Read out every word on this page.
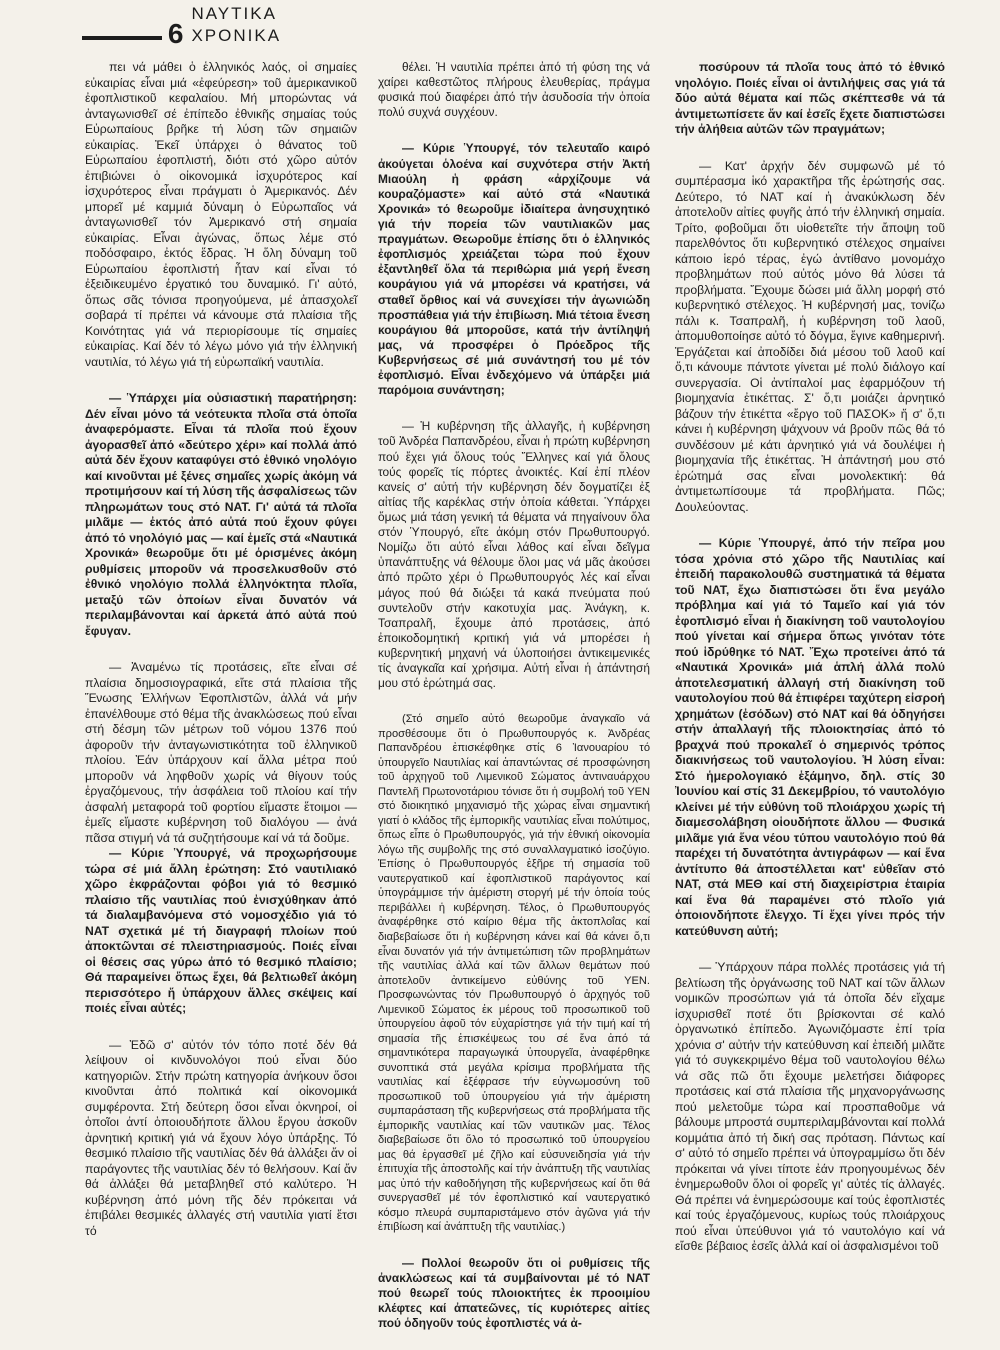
6
ΝΑΥΤΙΚΑ ΧΡΟΝΙΚΑ

πει νά μάθει ὁ ἑλληνικός λαός, οἱ σημαίες εὐκαιρίας εἶναι μιά «ἐφεύρεση» τοῦ ἀμερικανικοῦ ἐφοπλιστικοῦ κεφαλαίου. Μή μπορώντας νά ἀνταγωνισθεῖ σέ ἐπίπεδο ἐθνικῆς σημαίας τούς Εὐρωπαίους βρῆκε τή λύση τῶν σημαιῶν εὐκαιρίας. Ἐκεῖ ὑπάρχει ὁ θάνατος τοῦ Εὐρωπαίου ἐφοπλιστή, διότι στό χῶρο αὐτόν ἐπιβιώνει ὁ οἰκονομικά ἰσχυρότερος καί ἰσχυρότερος εἶναι πράγματι ὁ Ἀμερικανός. Δέν μπορεῖ μέ καμμιά δύναμη ὁ Εὐρωπαῖος νά ἀνταγωνισθεῖ τόν Ἀμερικανό στή σημαία εὐκαιρίας. Εἶναι ἀγώνας, ὅπως λέμε στό ποδόσφαιρο, ἐκτός ἕδρας. Ἡ ὅλη δύναμη τοῦ Εὐρωπαίου ἐφοπλιστή ἦταν καί εἶναι τό ἐξειδικευμένο ἐργατικό του δυναμικό. Γι' αὐτό, ὅπως σᾶς τόνισα προηγούμενα, μέ ἀπασχολεῖ σοβαρά τί πρέπει νά κάνουμε στά πλαίσια τῆς Κοινότητας γιά νά περιορίσουμε τίς σημαίες εὐκαιρίας. Καί δέν τό λέγω μόνο γιά τήν ἑλληνική ναυτιλία, τό λέγω γιά τή εὐρωπαϊκή ναυτιλία.

— Ὑπάρχει μία οὐσιαστική παρατήρηση: Δέν εἶναι μόνο τά νεότευκτα πλοῖα στά ὁποῖα ἀναφερόμαστε. Εἶναι τά πλοῖα πού ἔχουν ἀγορασθεῖ ἀπό «δεύτερο χέρι» καί πολλά ἀπό αὐτά δέν ἔχουν καταφύγει στό ἐθνικό νηολόγιο καί κινοῦνται μέ ξένες σημαῖες χωρίς ἀκόμη νά προτιμήσουν καί τή λύση τῆς ἀσφαλίσεως τῶν πληρωμάτων τους στό ΝΑΤ. Γι' αὐτά τά πλοῖα μιλᾶμε — ἐκτός ἀπό αὐτά πού ἔχουν φύγει ἀπό τό νηολόγιό μας — καί ἐμεῖς στά «Ναυτικά Χρονικά» θεωροῦμε ὅτι μέ ὁρισμένες ἀκόμη ρυθμίσεις μποροῦν νά προσελκυσθοῦν στό ἐθνικό νηολόγιο πολλά ἑλληνόκτητα πλοῖα, μεταξύ τῶν ὁποίων εἶναι δυνατόν νά περιλαμβάνονται καί ἀρκετά ἀπό αὐτά πού ἔφυγαν.

— Ἀναμένω τίς προτάσεις, εἴτε εἶναι σέ πλαίσια δημοσιογραφικά, εἴτε στά πλαίσια τῆς Ἕνωσης Ἑλλήνων Ἐφοπλιστῶν, ἀλλά νά μήν ἐπανέλθουμε στό θέμα τῆς ἀνακλώσεως πού εἶναι στή δέσμη τῶν μέτρων τοῦ νόμου 1376 πού ἀφοροῦν τήν ἀνταγωνιστικότητα τοῦ ἑλληνικοῦ πλοίου. Ἐάν ὑπάρχουν καί ἄλλα μέτρα πού μποροῦν νά ληφθοῦν χωρίς νά θίγουν τούς ἐργαζόμενους, τήν ἀσφάλεια τοῦ πλοίου καί τήν ἀσφαλή μεταφορά τοῦ φορτίου εἴμαστε ἕτοιμοι — ἐμεῖς εἴμαστε κυβέρνηση τοῦ διαλόγου — ἀνά πᾶσα στιγμή νά τά συζητήσουμε καί νά τά δοῦμε.

— Κύριε Ὑπουργέ, νά προχωρήσουμε τώρα σέ μιά ἄλλη ἐρώτηση: Στό ναυτιλιακό χῶρο ἐκφράζονται φόβοι γιά τό θεσμικό πλαίσιο τῆς ναυτιλίας πού ἐνισχύθηκαν ἀπό τά διαλαμβανόμενα στό νομοσχέδιο γιά τό ΝΑΤ σχετικά μέ τή διαγραφή πλοίων πού ἀποκτῶνται σέ πλειστηριασμούς. Ποιές εἶναι οἱ θέσεις σας γύρω ἀπό τό θεσμικό πλαίσιο; Θά παραμείνει ὅπως ἔχει, θά βελτιωθεῖ ἀκόμη περισσότερο ἤ ὑπάρχουν ἄλλες σκέψεις καί ποιές εἶναι αὐτές;

— Ἐδῶ σ' αὐτόν τόν τόπο ποτέ δέν θά λείψουν οἱ κινδυνολόγοι πού εἶναι δύο κατηγοριῶν. Στήν πρώτη κατηγορία ἀνήκουν ὅσοι κινοῦνται ἀπό πολιτικά καί οἰκονομικά συμφέροντα. Στή δεύτερη ὅσοι εἶναι ὀκνηροί, οἱ ὁποῖοι ἀντί ὁποιουδήποτε ἄλλου ἔργου ἀσκοῦν ἀρνητική κριτική γιά νά ἔχουν λόγο ὑπάρξης. Τό θεσμικό πλαίσιο τῆς ναυτιλίας δέν θά ἀλλάξει ἄν οἱ παράγοντες τῆς ναυτιλίας δέν τό θελήσουν. Καί ἄν θά ἀλλάξει θά μεταβληθεῖ στό καλύτερο. Ἡ κυβέρνηση ἀπό μόνη τῆς δέν πρόκειται νά ἐπιβάλει θεσμικές ἀλλαγές στή ναυτιλία γιατί ἔτσι τό

θέλει. Ἡ ναυτιλία πρέπει ἀπό τή φύση της νά χαίρει καθεστῶτος πλήρους ἐλευθερίας, πράγμα φυσικά πού διαφέρει ἀπό τήν ἀσυδοσία τήν ὁποία πολύ συχνά συγχέουν.

— Κύριε Ὑπουργέ, τόν τελευταῖο καιρό ἀκούγεται ὁλοένα καί συχνότερα στήν Ἀκτή Μιαούλη ἡ φράση «ἀρχίζουμε νά κουραζόμαστε» καί αὐτό στά «Ναυτικά Χρονικά» τό θεωροῦμε ἰδιαίτερα ἀνησυχητικό γιά τήν πορεία τῶν ναυτιλιακῶν μας πραγμάτων. Θεωροῦμε ἐπίσης ὅτι ὁ ἑλληνικός ἐφοπλισμός χρειάζεται τώρα πού ἔχουν ἐξαντληθεῖ ὅλα τά περιθώρια μιά γερή ἔνεση κουράγιου γιά νά μπορέσει νά κρατήσει, νά σταθεῖ ὄρθιος καί νά συνεχίσει τήν ἀγωνιώδη προσπάθεια γιά τήν ἐπιβίωση. Μιά τέτοια ἔνεση κουράγιου θά μποροῦσε, κατά τήν ἀντίληψή μας, νά προσφέρει ὁ Πρόεδρος τῆς Κυβερνήσεως σέ μιά συνάντησή του μέ τόν ἐφοπλισμό. Εἶναι ἐνδεχόμενο νά ὑπάρξει μιά παρόμοια συνάντηση;

— Ἡ κυβέρνηση τῆς ἀλλαγῆς, ἡ κυβέρνηση τοῦ Ἀνδρέα Παπανδρέου, εἶναι ἡ πρώτη κυβέρνηση πού ἔχει γιά ὅλους τούς Ἕλληνες καί γιά ὅλους τούς φορεῖς τίς πόρτες ἀνοικτές. Καί ἐπί πλέον κανείς σ' αὐτή τήν κυβέρνηση δέν δογματίζει ἐξ αἰτίας τῆς καρέκλας στήν ὁποία κάθεται. Ὑπάρχει ὅμως μιά τάση γενική τά θέματα νά πηγαίνουν ὅλα στόν Ὑπουργό, εἴτε ἀκόμη στόν Πρωθυπουργό. Νομίζω ὅτι αὐτό εἶναι λάθος καί εἶναι δεῖγμα ὑπανάπτυξης νά θέλουμε ὅλοι μας νά μᾶς ἀκούσει ἀπό πρῶτο χέρι ὁ Πρωθυπουργός λές καί εἶναι μάγος πού θά διώξει τά κακά πνεύματα πού συντελοῦν στήν κακοτυχία μας. Ἀνάγκη, κ. Τσαπραλῆ, ἔχουμε ἀπό προτάσεις, ἀπό ἐποικοδομητική κριτική γιά νά μπορέσει ἡ κυβερνητική μηχανή νά ὑλοποιήσει ἀντικειμενικές τίς ἀναγκαῖα καί χρήσιμα. Αὐτή εἶναι ἡ ἀπάντησή μου στό ἐρώτημά σας.

(Στό σημεῖο αὐτό θεωροῦμε ἀναγκαῖο νά προσθέσουμε ὅτι ὁ Πρωθυπουργός κ. Ἀνδρέας Παπανδρέου ἐπισκέφθηκε στίς 6 Ἰανουαρίου τό ὑπουργεῖο Ναυτιλίας καί ἀπαντώντας σέ προσφώνηση τοῦ ἀρχηγοῦ τοῦ Λιμενικοῦ Σώματος ἀντιναυάρχου Παντελῆ Πρωτονοτάριου τόνισε ὅτι ἡ συμβολή τοῦ ΥΕΝ στό διοικητικό μηχανισμό τῆς χώρας εἶναι σημαντική γιατί ὁ κλάδος τῆς ἐμπορικῆς ναυτιλίας εἶναι πολύτιμος, ὅπως εἶπε ὁ Πρωθυπουργός, γιά τήν ἐθνική οἰκονομία λόγω τῆς συμβολῆς της στό συναλλαγματικό ἰσοζύγιο. Ἐπίσης ὁ Πρωθυπουργός ἐξῆρε τή σημασία τοῦ ναυτεργατικοῦ καί ἐφοπλιστικοῦ παράγοντος καί ὑπογράμμισε τήν ἀμέριστη στοργή μέ τήν ὁποία τούς περιβάλλει ἡ κυβέρνηση. Τέλος, ὁ Πρωθυπουργός ἀναφέρθηκε στό καίριο θέμα τῆς ἀκτοπλοΐας καί διαβεβαίωσε ὅτι ἡ κυβέρνηση κάνει καί θά κάνει ὅ,τι εἶναι δυνατόν γιά τήν ἀντιμετώπιση τῶν προβλημάτων τῆς ναυτιλίας ἀλλά καί τῶν ἄλλων θεμάτων πού ἀποτελοῦν ἀντικείμενο εὐθύνης τοῦ ΥΕΝ. Προσφωνώντας τόν Πρωθυπουργό ὁ ἀρχηγός τοῦ Λιμενικοῦ Σώματος ἐκ μέρους τοῦ προσωπικοῦ τοῦ ὑπουργείου ἀφοῦ τόν εὐχαρίστησε γιά τήν τιμή καί τή σημασία τῆς ἐπισκέψεως του σέ ἕνα ἀπό τά σημαντικότερα παραγωγικά ὑπουργεῖα, ἀναφέρθηκε συνοπτικά στά μεγάλα κρίσιμα προβλήματα τῆς ναυτιλίας καί ἐξέφρασε τήν εὐγνωμοσύνη τοῦ προσωπικοῦ τοῦ ὑπουργείου γιά τήν ἀμέριστη συμπαράσταση τῆς κυβερνήσεως στά προβλήματα τῆς ἐμπορικῆς ναυτιλίας καί τῶν ναυτικῶν μας. Τέλος διαβεβαίωσε ὅτι ὅλο τό προσωπικό τοῦ ὑπουργείου μας θά ἐργασθεῖ μέ ζῆλο καί εὐσυνειδησία γιά τήν ἐπιτυχία τῆς ἀποστολῆς καί τήν ἀνάπτυξη τῆς ναυτιλίας μας ὑπό τήν καθοδήγηση τῆς κυβερνήσεως καί ὅτι θά συνεργασθεῖ μέ τόν ἐφοπλιστικό καί ναυτεργατικό κόσμο πλευρά συμπαριστάμενο στόν ἀγῶνα γιά τήν ἐπιβίωση καί ἀνάπτυξη τῆς ναυτιλίας.)

— Πολλοί θεωροῦν ὅτι οἱ ρυθμίσεις τῆς ἀνακλώσεως καί τά συμβαίνονται μέ τό ΝΑΤ πού θεωρεῖ τούς πλοιοκτήτες ἐκ προοιμίου κλέφτες καί ἀπατεῶνες, τίς κυριότερες αἰτίες πού ὁδηγοῦν τούς ἐφοπλιστές νά ἀ-

ποσύρουν τά πλοῖα τους ἀπό τό ἐθνικό νηολόγιο. Ποιές εἶναι οἱ ἀντιλήψεις σας γιά τά δύο αὐτά θέματα καί πῶς σκέπτεσθε νά τά ἀντιμετωπίσετε ἄν καί ἐσεῖς ἔχετε διαπιστώσει τήν ἀλήθεια αὐτῶν τῶν πραγμάτων;

— Κατ' ἀρχήν δέν συμφωνῶ μέ τό συμπέρασμα ἱκό χαρακτῆρα τῆς ἐρώτησής σας. Δεύτερο, τό ΝΑΤ καί ἡ ἀνακύκλωση δέν ἀποτελοῦν αἰτίες φυγῆς ἀπό τήν ἑλληνική σημαία. Τρίτο, φοβοῦμαι ὅτι υἱοθετεῖτε τήν ἄποψη τοῦ παρελθόντος ὅτι κυβερνητικό στέλεχος σημαίνει κάποιο ἱερό τέρας, ἐγώ ἀντίθανο μονομάχο προβλημάτων πού αὐτός μόνο θά λύσει τά προβλήματα. Ἔχουμε δώσει μιά ἄλλη μορφή στό κυβερνητικό στέλεχος. Ἡ κυβέρνησή μας, τονίζω πάλι κ. Τσαπραλῆ, ἡ κυβέρνηση τοῦ λαοῦ, ἀπομυθοποίησε αὐτό τό δόγμα, ἔγινε καθημερινή. Ἐργάζεται καί ἀποδίδει διά μέσου τοῦ λαοῦ καί ὅ,τι κάνουμε πάντοτε γίνεται μέ πολύ διάλογο καί συνεργασία. Οἱ ἀντίπαλοί μας ἐφαρμόζουν τή βιομηχανία ἐτικέττας. Σ' ὅ,τι μοιάζει ἀρνητικό βάζουν τήν ἐτικέττα «ἔργο τοῦ ΠΑΣΟΚ» ἤ σ' ὅ,τι κάνει ἡ κυβέρνηση ψάχνουν νά βροῦν πῶς θά τό συνδέσουν μέ κάτι ἀρνητικό γιά νά δουλέψει ἡ βιομηχανία τῆς ἐτικέττας. Ἡ ἀπάντησή μου στό ἐρώτημά σας εἶναι μονολεκτική: θά ἀντιμετωπίσουμε τά προβλήματα. Πῶς; Δουλεύοντας.

— Κύριε Ὑπουργέ, ἀπό τήν πεῖρα μου τόσα χρόνια στό χῶρο τῆς Ναυτιλίας καί ἐπειδή παρακολουθῶ συστηματικά τά θέματα τοῦ ΝΑΤ, ἔχω διαπιστώσει ὅτι ἕνα μεγάλο πρόβλημα καί γιά τό Ταμεῖο καί γιά τόν ἐφοπλισμό εἶναι ἡ διακίνηση τοῦ ναυτολογίου πού γίνεται καί σήμερα ὅπως γινόταν τότε πού ἱδρύθηκε τό ΝΑΤ. Ἔχω προτείνει ἀπό τά «Ναυτικά Χρονικά» μιά ἁπλή ἀλλά πολύ ἀποτελεσματική ἀλλαγή στή διακίνηση τοῦ ναυτολογίου πού θά ἐπιφέρει ταχύτερη εἰσροή χρημάτων (ἐσόδων) στό ΝΑΤ καί θά ὁδηγήσει στήν ἀπαλλαγή τῆς πλοιοκτησίας ἀπό τό βραχνά πού προκαλεῖ ὁ σημερινός τρόπος διακινήσεως τοῦ ναυτολογίου. Ἡ λύση εἶναι: Στό ἡμερολογιακό ἑξάμηνο, δηλ. στίς 30 Ἰουνίου καί στίς 31 Δεκεμβρίου, τό ναυτολόγιο κλείνει μέ τήν εὐθύνη τοῦ πλοιάρχου χωρίς τή διαμεσολάβηση οἱουδήποτε ἄλλου — Φυσικά μιλᾶμε γιά ἕνα νέου τύπου ναυτολόγιο πού θά παρέχει τή δυνατότητα ἀντιγράφων — καί ἕνα ἀντίτυπο θά ἀποστέλλεται κατ' εὐθεῖαν στό ΝΑΤ, στά ΜΕΘ καί στή διαχειρίστρια ἑταιρία καί ἕνα θά παραμένει στό πλοῖο γιά ὁποιονδήποτε ἔλεγχο. Τί ἔχει γίνει πρός τήν κατεύθυνση αὐτή;

— Ὑπάρχουν πάρα πολλές προτάσεις γιά τή βελτίωση τῆς ὀργάνωσης τοῦ ΝΑΤ καί τῶν ἄλλων νομικῶν προσώπων γιά τά ὁποῖα δέν εἴχαμε ἰσχυρισθεῖ ποτέ ὅτι βρίσκονται σέ καλό ὀργανωτικό ἐπίπεδο. Ἀγωνιζόμαστε ἐπί τρία χρόνια σ' αὐτήν τήν κατεύθυνση καί ἐπειδή μιλᾶτε γιά τό συγκεκριμένο θέμα τοῦ ναυτολογίου θέλω νά σᾶς πῶ ὅτι ἔχουμε μελετήσει διάφορες προτάσεις καί στά πλαίσια τῆς μηχανοργάνωσης πού μελετοῦμε τώρα καί προσπαθοῦμε νά βάλουμε μπροστά συμπεριλαμβάνονται καί πολλά κομμάτια ἀπό τή δική σας πρόταση. Πάντως καί σ' αὐτό τό σημεῖο πρέπει νά ὑπογραμμίσω ὅτι δέν πρόκειται νά γίνει τίποτε ἐάν προηγουμένως δέν ἐνημερωθοῦν ὅλοι οἱ φορεῖς γι' αὐτές τίς ἀλλαγές. Θά πρέπει νά ἐνημερώσουμε καί τούς ἐφοπλιστές καί τούς ἐργαζόμενους, κυρίως τούς πλοιάρχους πού εἶναι ὑπεύθυνοι γιά τό ναυτολόγιο καί νά εἴσθε βέβαιος ἐσεῖς ἀλλά καί οἱ ἀσφαλισμένοι τοῦ
